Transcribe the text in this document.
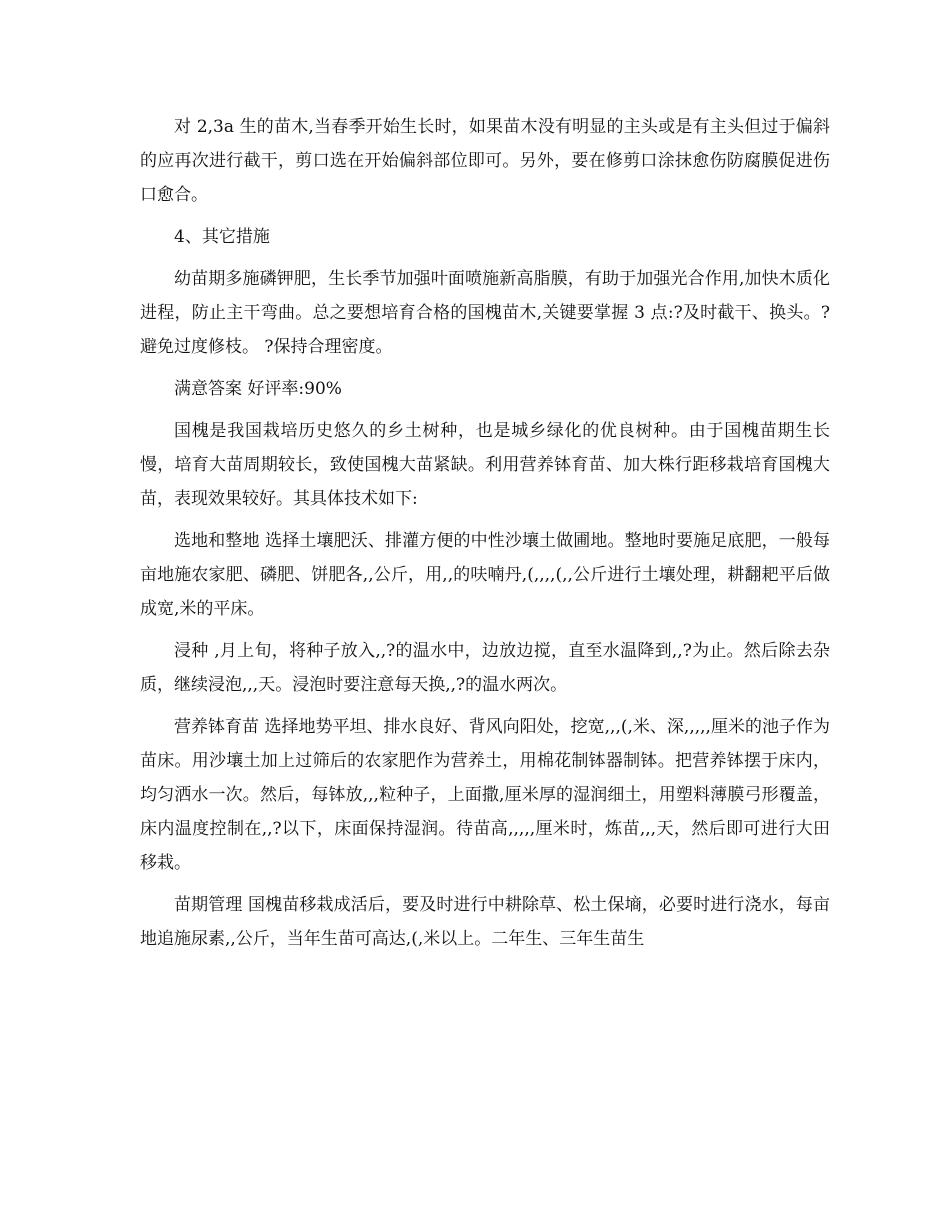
对 2,3a 生的苗木,当春季开始生长时，如果苗木没有明显的主头或是有主头但过于偏斜的应再次进行截干，剪口选在开始偏斜部位即可。另外，要在修剪口涂抹愈伤防腐膜促进伤口愈合。

4、其它措施

幼苗期多施磷钾肥，生长季节加强叶面喷施新高脂膜，有助于加强光合作用,加快木质化进程，防止主干弯曲。总之要想培育合格的国槐苗木,关键要掌握 3 点:?及时截干、换头。?避免过度修枝。 ?保持合理密度。

满意答案 好评率:90%

国槐是我国栽培历史悠久的乡土树种，也是城乡绿化的优良树种。由于国槐苗期生长慢，培育大苗周期较长，致使国槐大苗紧缺。利用营养钵育苗、加大株行距移栽培育国槐大苗，表现效果较好。其具体技术如下:

选地和整地 选择土壤肥沃、排灌方便的中性沙壤土做圃地。整地时要施足底肥，一般每亩地施农家肥、磷肥、饼肥各,,公斤，用,,的呋喃丹,(,,,,(,,公斤进行土壤处理，耕翻耙平后做成宽,米的平床。

浸种 ,月上旬，将种子放入,,?的温水中，边放边搅，直至水温降到,,?为止。然后除去杂质，继续浸泡,,,天。浸泡时要注意每天换,,?的温水两次。

营养钵育苗 选择地势平坦、排水良好、背风向阳处，挖宽,,,(,米、深,,,,,厘米的池子作为苗床。用沙壤土加上过筛后的农家肥作为营养土，用棉花制钵器制钵。把营养钵摆于床内，均匀洒水一次。然后，每钵放,,,粒种子，上面撒,厘米厚的湿润细土，用塑料薄膜弓形覆盖，床内温度控制在,,?以下，床面保持湿润。待苗高,,,,,厘米时，炼苗,,,天，然后即可进行大田移栽。

苗期管理 国槐苗移栽成活后，要及时进行中耕除草、松土保墒，必要时进行浇水，每亩地追施尿素,,公斤，当年生苗可高达,(,米以上。二年生、三年生苗生
